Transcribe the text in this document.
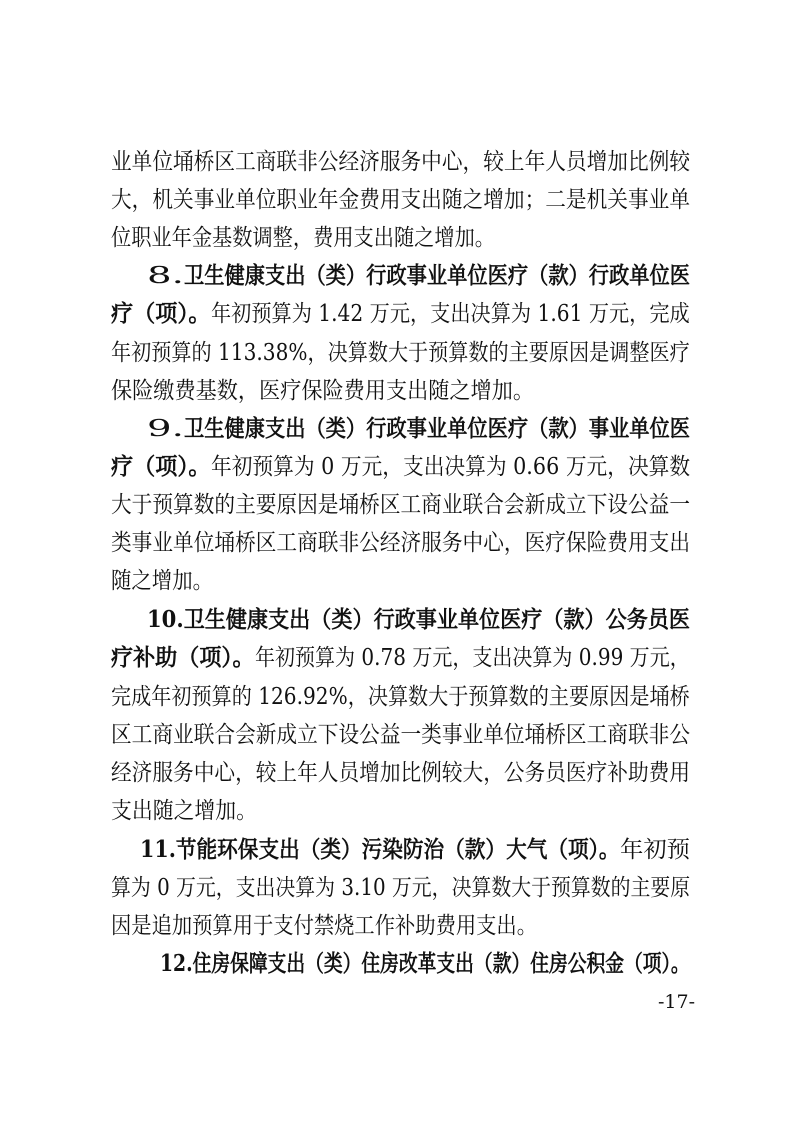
业单位埇桥区工商联非公经济服务中心，较上年人员增加比例较
大，机关事业单位职业年金费用支出随之增加；二是机关事业单
位职业年金基数调整，费用支出随之增加。
8. 卫生健康支出（类）行政事业单位医疗（款）行政单位医
疗（项）。 年初预算为 1.42 万元，支出决算为 1.61 万元，完成
年初预算的 113.38%，决算数大于预算数的主要原因是调整医疗
保险缴费基数，医疗保险费用支出随之增加。
9. 卫生健康支出（类）行政事业单位医疗（款）事业单位医
疗（项）。 年初预算为 0 万元，支出决算为 0.66 万元，决算数
大于预算数的主要原因是埇桥区工商业联合会新成立下设公益一
类事业单位埇桥区工商联非公经济服务中心，医疗保险费用支出
随之增加。
10.卫生健康支出（类）行政事业单位医疗（款）公务员医
疗补助（项）。 年初预算为 0.78 万元，支出决算为 0.99 万元，
完成年初预算的 126.92%，决算数大于预算数的主要原因是埇桥
区工商业联合会新成立下设公益一类事业单位埇桥区工商联非公
经济服务中心，较上年人员增加比例较大，公务员医疗补助费用
支出随之增加。
11.节能环保支出（类）污染防治（款）大气（项）。 年初预
算为 0 万元，支出决算为 3.10 万元，决算数大于预算数的主要原
因是追加预算用于支付禁烧工作补助费用支出。
12.住房保障支出（类）住房改革支出（款）住房公积金（项）。
-17-
